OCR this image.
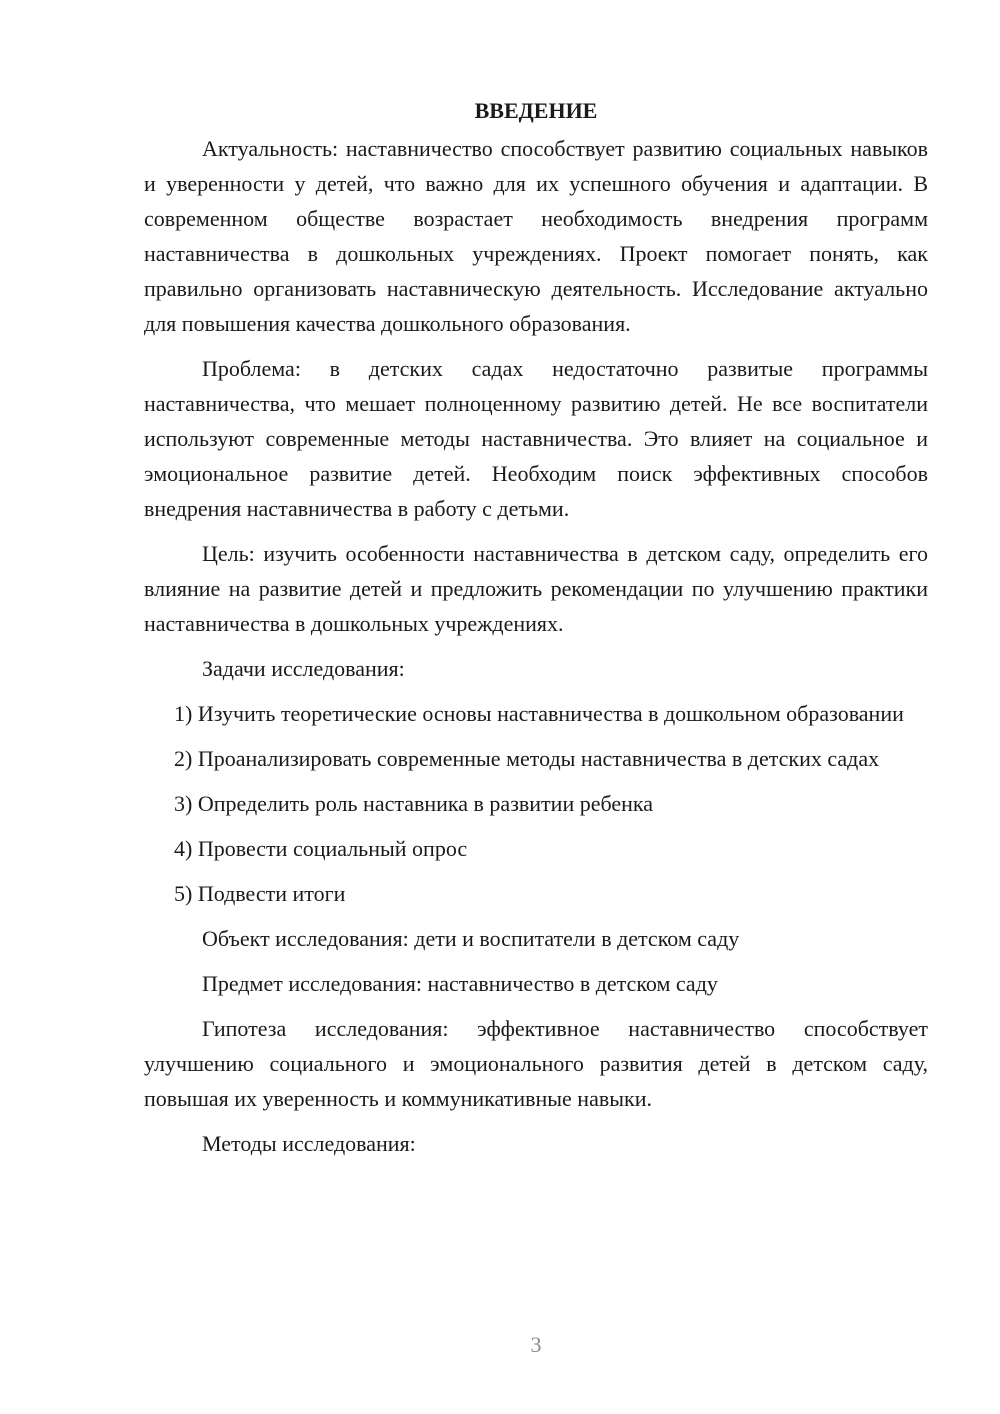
ВВЕДЕНИЕ

Актуальность: наставничество способствует развитию социальных навыков и уверенности у детей, что важно для их успешного обучения и адаптации. В современном обществе возрастает необходимость внедрения программ наставничества в дошкольных учреждениях. Проект помогает понять, как правильно организовать наставническую деятельность. Исследование актуально для повышения качества дошкольного образования.

Проблема: в детских садах недостаточно развитые программы наставничества, что мешает полноценному развитию детей. Не все воспитатели используют современные методы наставничества. Это влияет на социальное и эмоциональное развитие детей. Необходим поиск эффективных способов внедрения наставничества в работу с детьми.

Цель: изучить особенности наставничества в детском саду, определить его влияние на развитие детей и предложить рекомендации по улучшению практики наставничества в дошкольных учреждениях.

Задачи исследования:

1) Изучить теоретические основы наставничества в дошкольном образовании

2) Проанализировать современные методы наставничества в детских садах

3) Определить роль наставника в развитии ребенка

4) Провести социальный опрос

5) Подвести итоги

Объект исследования: дети и воспитатели в детском саду

Предмет исследования: наставничество в детском саду

Гипотеза исследования: эффективное наставничество способствует улучшению социального и эмоционального развития детей в детском саду, повышая их уверенность и коммуникативные навыки.

Методы исследования:

3
